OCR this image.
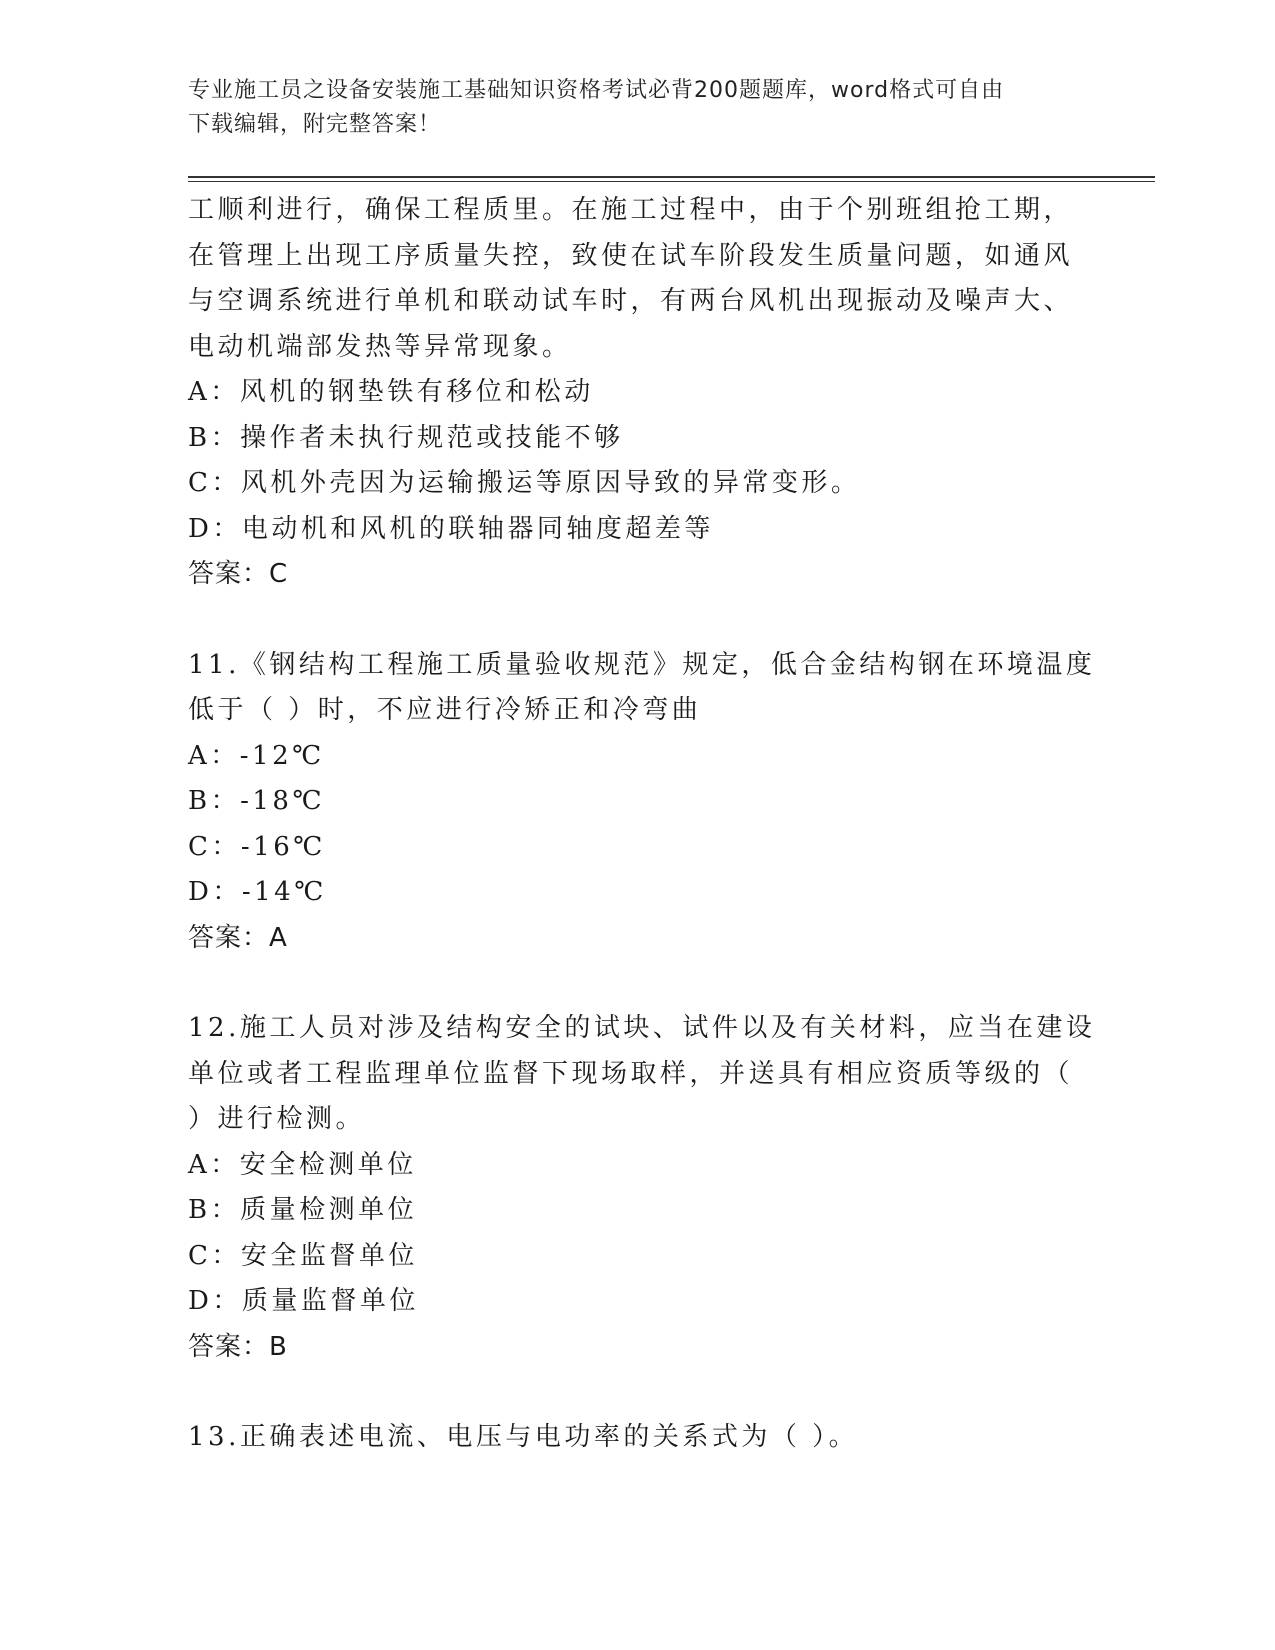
专业施工员之设备安装施工基础知识资格考试必背200题题库，word格式可自由
下载编辑，附完整答案！

工顺利进行，确保工程质里。在施工过程中，由于个别班组抢工期，

在管理上出现工序质量失控，致使在试车阶段发生质量问题，如通风

与空调系统进行单机和联动试车时，有两台风机出现振动及噪声大、

电动机端部发热等异常现象。

A：风机的钢垫铁有移位和松动

B：操作者未执行规范或技能不够

C：风机外壳因为运输搬运等原因导致的异常变形。

D：电动机和风机的联轴器同轴度超差等

答案：C

11.《钢结构工程施工质量验收规范》规定，低合金结构钢在环境温度

低于（ ）时，不应进行冷矫正和冷弯曲

A：-12℃

B：-18℃

C：-16℃

D：-14℃

答案：A

12.施工人员对涉及结构安全的试块、试件以及有关材料，应当在建设

单位或者工程监理单位监督下现场取样，并送具有相应资质等级的（

）进行检测。

A：安全检测单位

B：质量检测单位

C：安全监督单位

D：质量监督单位

答案：B

13.正确表述电流、电压与电功率的关系式为（ ）。
